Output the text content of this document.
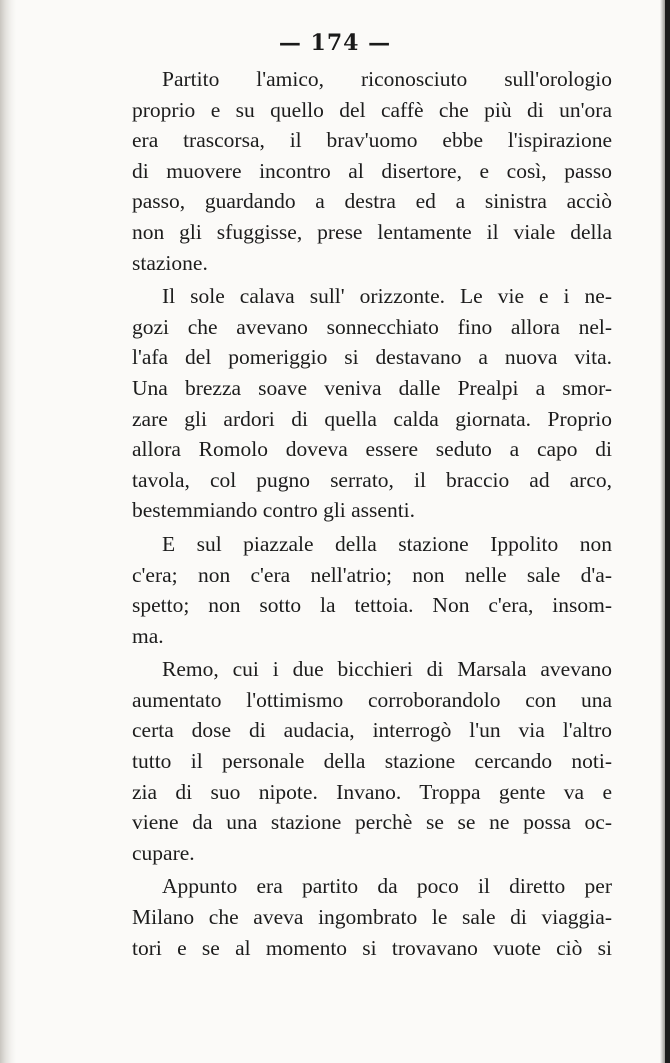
— 174 —
Partito l'amico, riconosciuto sull'orologio
proprio e su quello del caffè che più di un'ora
era trascorsa, il brav'uomo ebbe l'ispirazione
di muovere incontro al disertore, e così, passo
passo, guardando a destra ed a sinistra acciò
non gli sfuggisse, prese lentamente il viale della
stazione.
Il sole calava sull' orizzonte. Le vie e i ne-
gozi che avevano sonnecchiato fino allora nel-
l'afa del pomeriggio si destavano a nuova vita.
Una brezza soave veniva dalle Prealpi a smor-
zare gli ardori di quella calda giornata. Proprio
allora Romolo doveva essere seduto a capo di
tavola, col pugno serrato, il braccio ad arco,
bestemmiando contro gli assenti.
E sul piazzale della stazione Ippolito non
c'era; non c'era nell'atrio; non nelle sale d'a-
spetto; non sotto la tettoia. Non c'era, insom-
ma.
Remo, cui i due bicchieri di Marsala avevano
aumentato l'ottimismo corroborandolo con una
certa dose di audacia, interrogò l'un via l'altro
tutto il personale della stazione cercando noti-
zia di suo nipote. Invano. Troppa gente va e
viene da una stazione perchè se se ne possa oc-
cupare.
Appunto era partito da poco il diretto per
Milano che aveva ingombrato le sale di viaggia-
tori e se al momento si trovavano vuote ciò si
